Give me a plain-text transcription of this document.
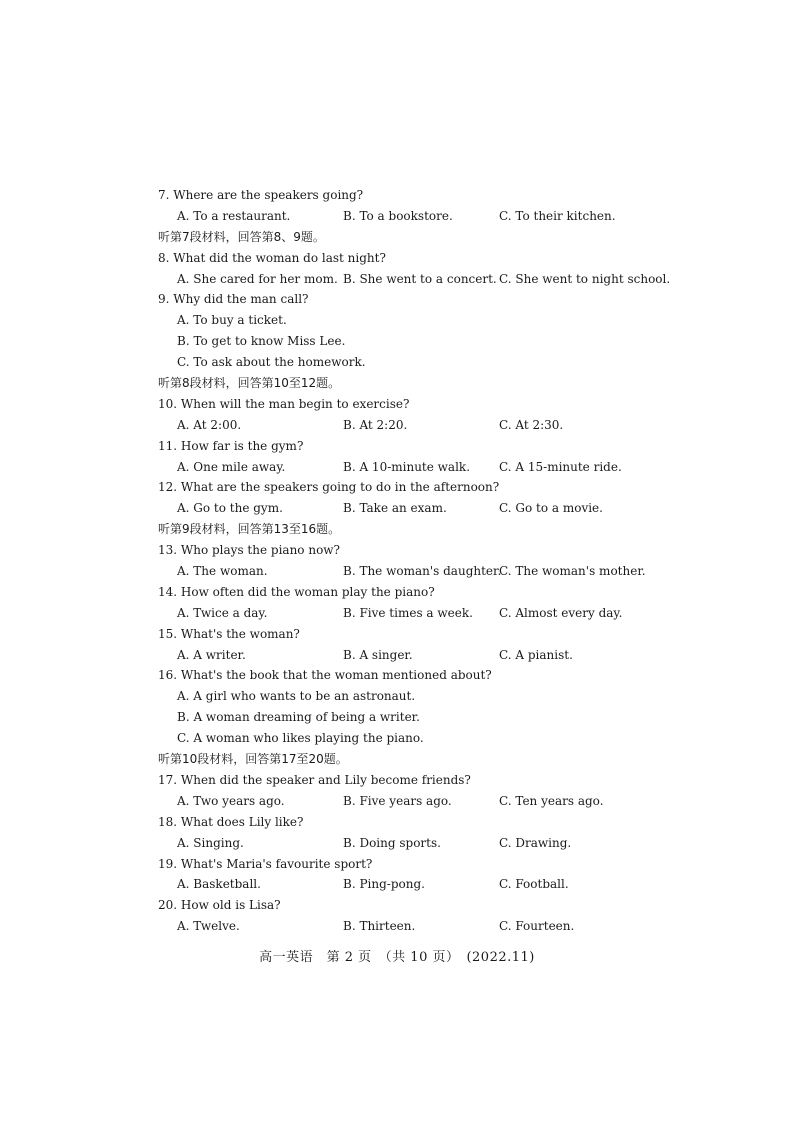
7. Where are the speakers going?
A. To a restaurant.	B. To a bookstore.	C. To their kitchen.
听第7段材料，回答第8、9题。
8. What did the woman do last night?
A. She cared for her mom. B. She went to a concert. C. She went to night school.
9. Why did the man call?
A. To buy a ticket.
B. To get to know Miss Lee.
C. To ask about the homework.
听第8段材料，回答第10至12题。
10. When will the man begin to exercise?
A. At 2:00.	B. At 2:20.	C. At 2:30.
11. How far is the gym?
A. One mile away.	B. A 10-minute walk. C. A 15-minute ride.
12. What are the speakers going to do in the afternoon?
A. Go to the gym.	B. Take an exam.	C. Go to a movie.
听第9段材料，回答第13至16题。
13. Who plays the piano now?
A. The woman.	B. The woman's daughter.
C. The woman's mother.
14. How often did the woman play the piano?
A. Twice a day.	B. Five times a week. C. Almost every day.
15. What's the woman?
A. A writer.	B. A singer.	C. A pianist.
16. What's the book that the woman mentioned about?
A. A girl who wants to be an astronaut.
B. A woman dreaming of being a writer.
C. A woman who likes playing the piano.
听第10段材料，回答第17至20题。
17. When did the speaker and Lily become friends?
A. Two years ago.	B. Five years ago.	C. Ten years ago.
18. What does Lily like?
A. Singing.	B. Doing sports.	C. Drawing.
19. What's Maria's favourite sport?
A. Basketball.	B. Ping-pong.	C. Football.
20. How old is Lisa?
A. Twelve.	B. Thirteen.	C. Fourteen.
高一英语　第 2 页　（共 10 页）　(2022.11)
